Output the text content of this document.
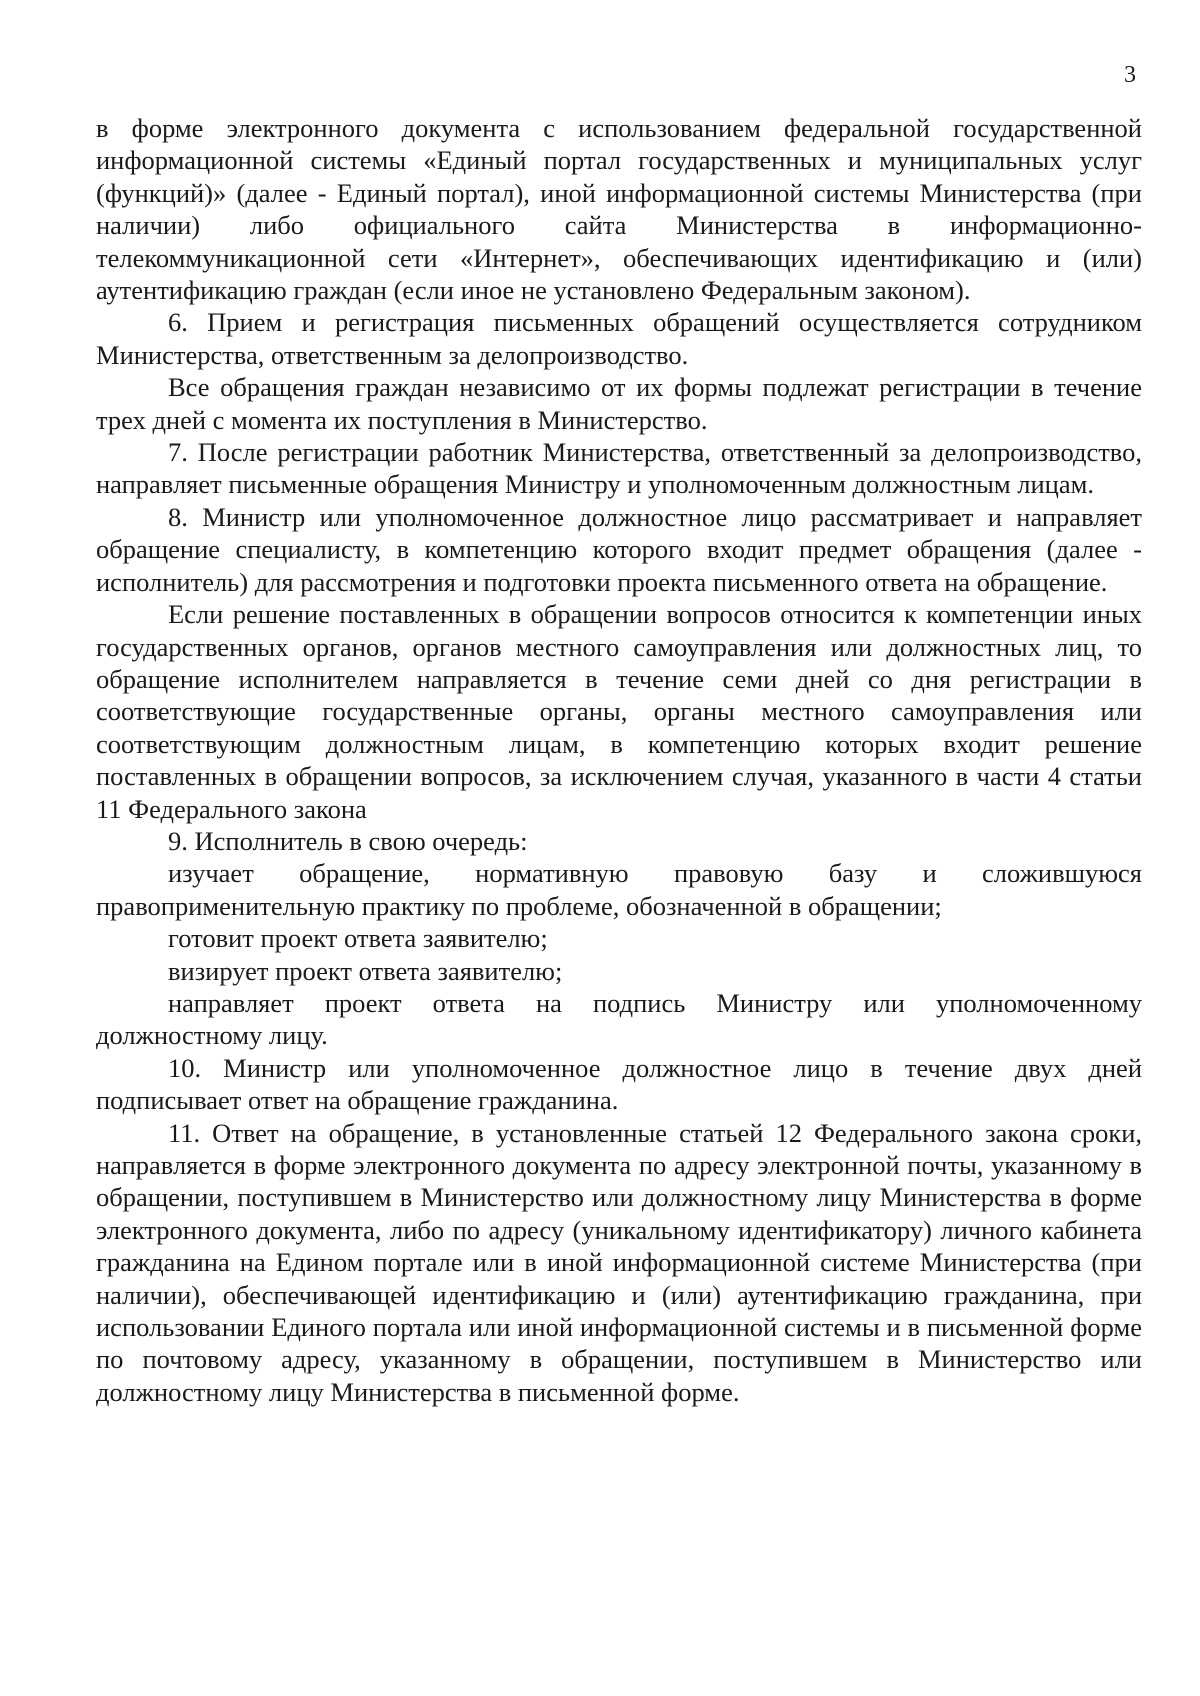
3

в форме электронного документа с использованием федеральной государственной информационной системы «Единый портал государственных и муниципальных услуг (функций)» (далее - Единый портал), иной информационной системы Министерства (при наличии) либо официального сайта Министерства в информационно-телекоммуникационной сети «Интернет», обеспечивающих идентификацию и (или) аутентификацию граждан (если иное не установлено Федеральным законом).

6. Прием и регистрация письменных обращений осуществляется сотрудником Министерства, ответственным за делопроизводство.

Все обращения граждан независимо от их формы подлежат регистрации в течение трех дней с момента их поступления в Министерство.

7. После регистрации работник Министерства, ответственный за делопроизводство, направляет письменные обращения Министру и уполномоченным должностным лицам.

8. Министр или уполномоченное должностное лицо рассматривает и направляет обращение специалисту, в компетенцию которого входит предмет обращения (далее - исполнитель) для рассмотрения и подготовки проекта письменного ответа на обращение.

Если решение поставленных в обращении вопросов относится к компетенции иных государственных органов, органов местного самоуправления или должностных лиц, то обращение исполнителем направляется в течение семи дней со дня регистрации в соответствующие государственные органы, органы местного самоуправления или соответствующим должностным лицам, в компетенцию которых входит решение поставленных в обращении вопросов, за исключением случая, указанного в части 4 статьи 11 Федерального закона

9. Исполнитель в свою очередь:

изучает обращение, нормативную правовую базу и сложившуюся правоприменительную практику по проблеме, обозначенной в обращении;

готовит проект ответа заявителю;

визирует проект ответа заявителю;

направляет проект ответа на подпись Министру или уполномоченному должностному лицу.

10. Министр или уполномоченное должностное лицо в течение двух дней подписывает ответ на обращение гражданина.

11. Ответ на обращение, в установленные статьей 12 Федерального закона сроки, направляется в форме электронного документа по адресу электронной почты, указанному в обращении, поступившем в Министерство или должностному лицу Министерства в форме электронного документа, либо по адресу (уникальному идентификатору) личного кабинета гражданина на Едином портале или в иной информационной системе Министерства (при наличии), обеспечивающей идентификацию и (или) аутентификацию гражданина, при использовании Единого портала или иной информационной системы и в письменной форме по почтовому адресу, указанному в обращении, поступившем в Министерство или должностному лицу Министерства в письменной форме.
